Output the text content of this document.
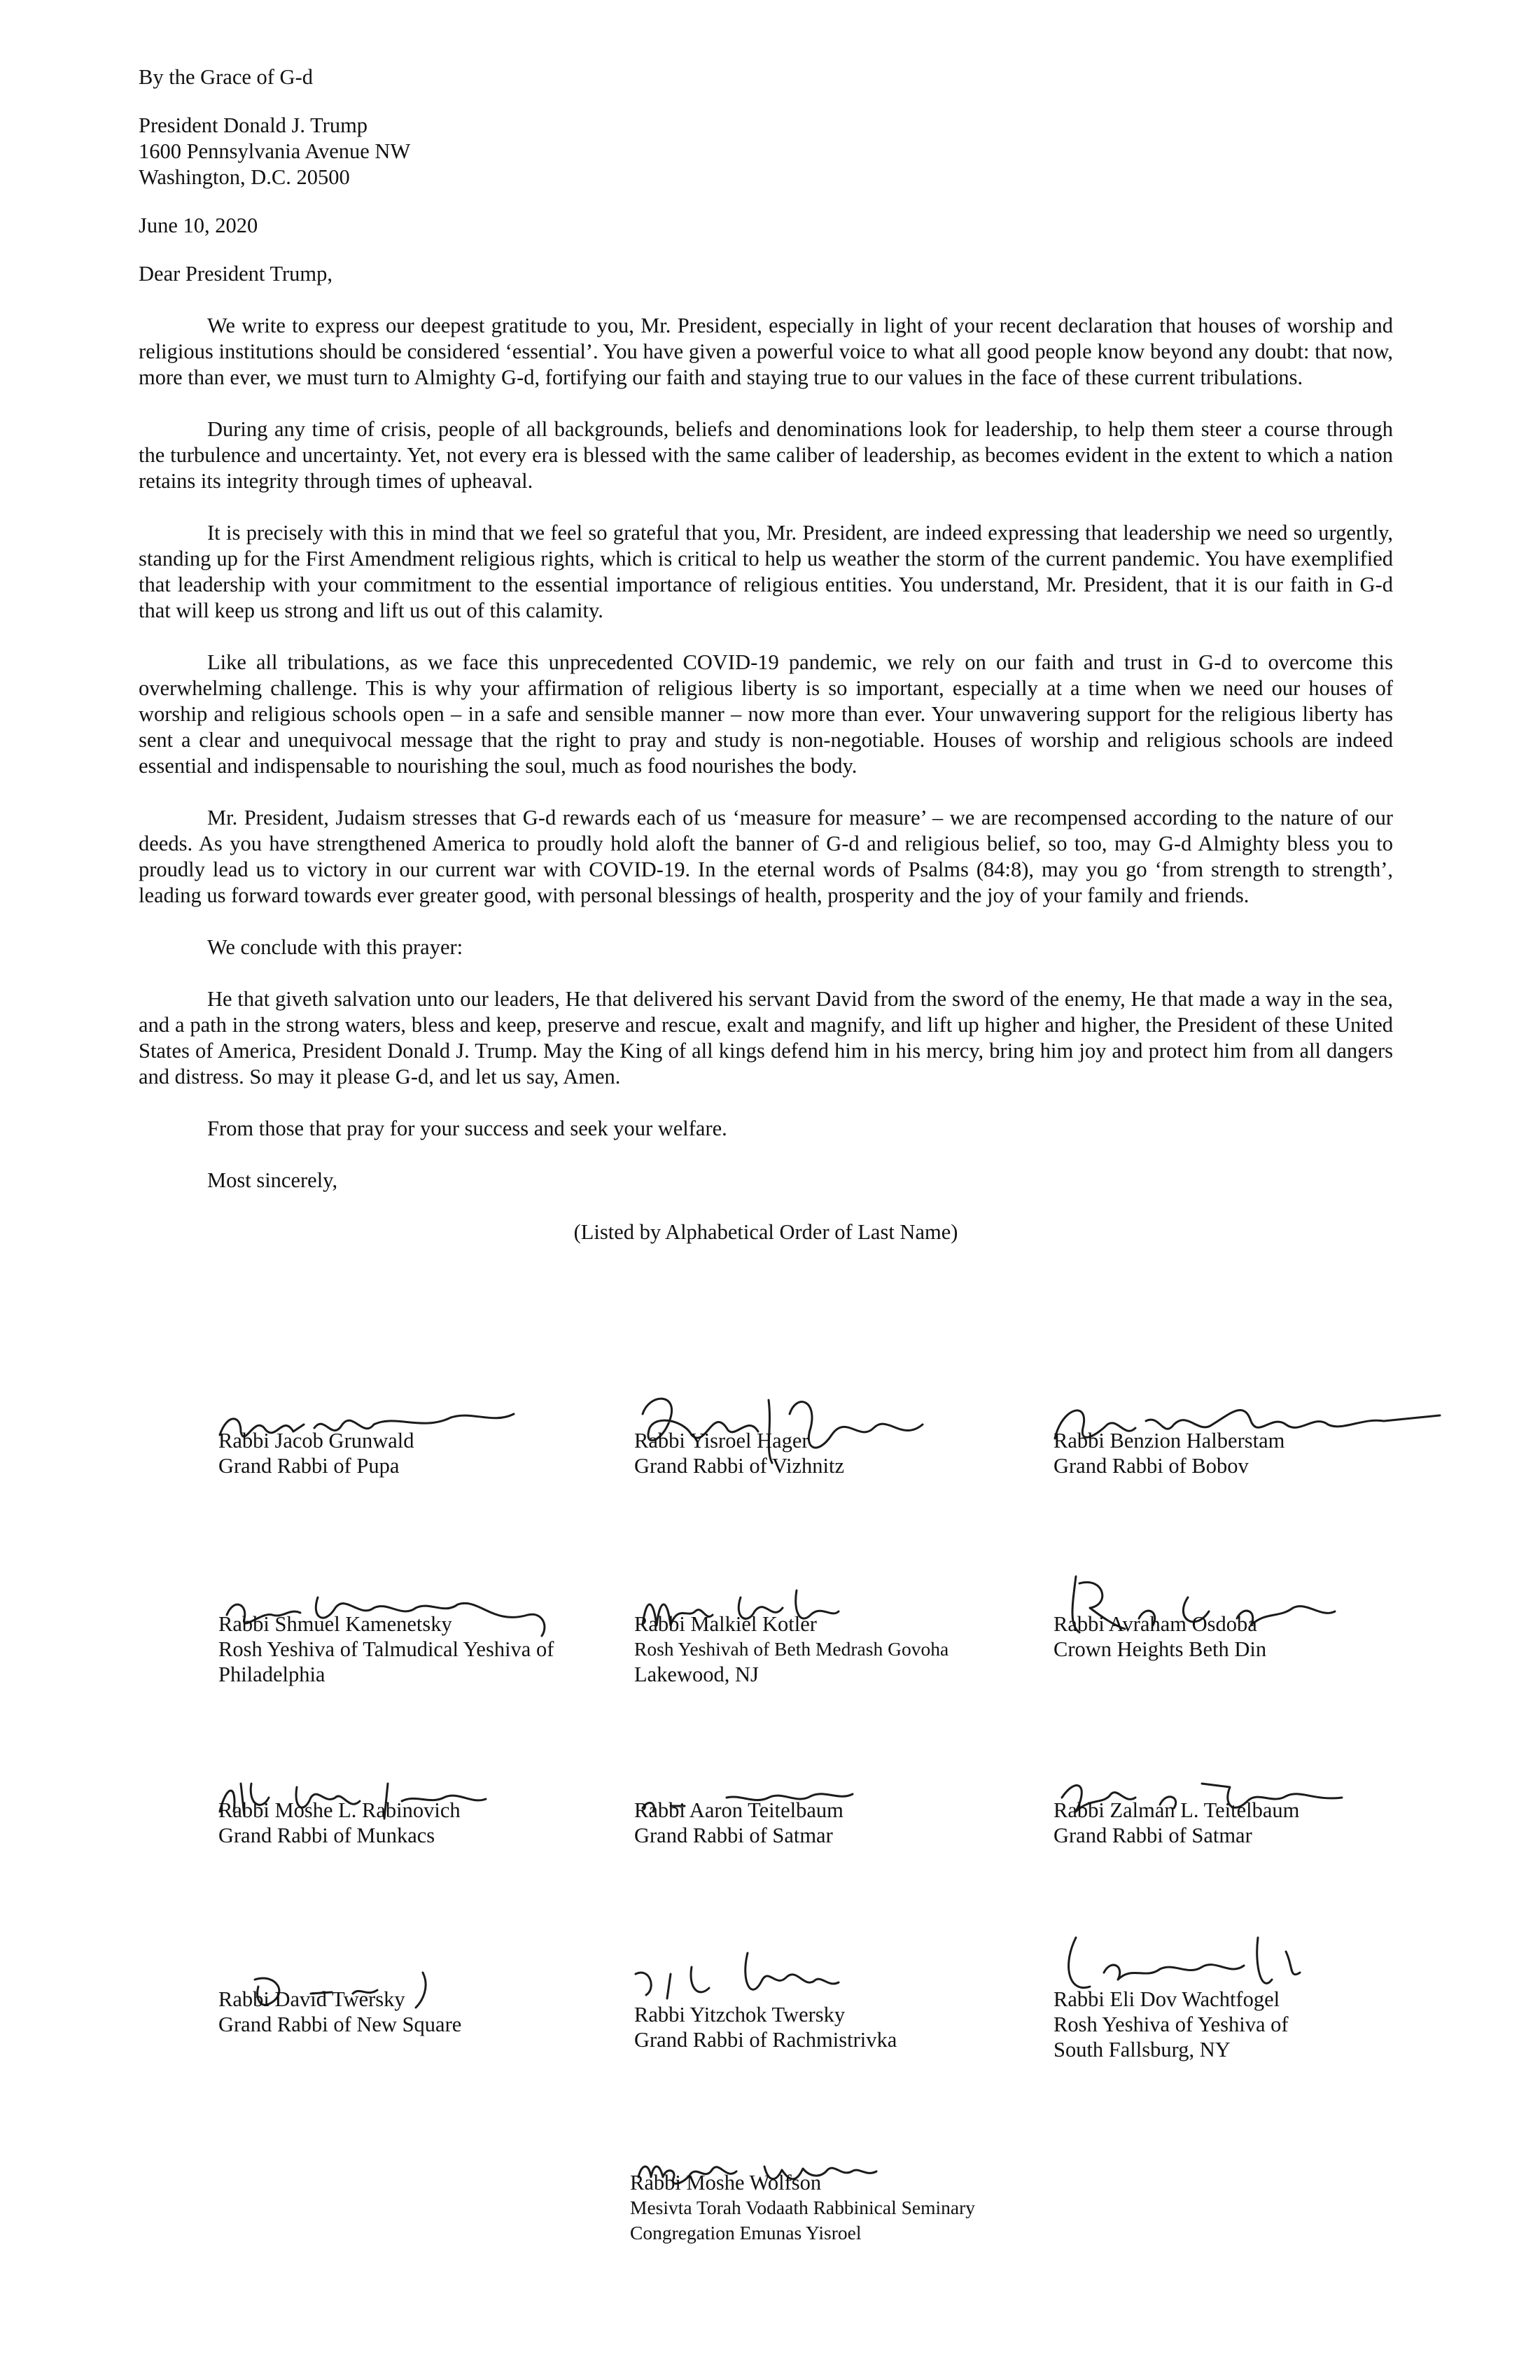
By the Grace of G-d
President Donald J. Trump
1600 Pennsylvania Avenue NW
Washington, D.C. 20500
June 10, 2020
Dear President Trump,

We write to express our deepest gratitude to you, Mr. President, especially in light of your recent declaration that houses of worship and religious institutions should be considered ‘essential’. You have given a powerful voice to what all good people know beyond any doubt: that now, more than ever, we must turn to Almighty G-d, fortifying our faith and staying true to our values in the face of these current tribulations.

During any time of crisis, people of all backgrounds, beliefs and denominations look for leadership, to help them steer a course through the turbulence and uncertainty. Yet, not every era is blessed with the same caliber of leadership, as becomes evident in the extent to which a nation retains its integrity through times of upheaval.

It is precisely with this in mind that we feel so grateful that you, Mr. President, are indeed expressing that leadership we need so urgently, standing up for the First Amendment religious rights, which is critical to help us weather the storm of the current pandemic. You have exemplified that leadership with your commitment to the essential importance of religious entities. You understand, Mr. President, that it is our faith in G-d that will keep us strong and lift us out of this calamity.

Like all tribulations, as we face this unprecedented COVID-19 pandemic, we rely on our faith and trust in G-d to overcome this overwhelming challenge. This is why your affirmation of religious liberty is so important, especially at a time when we need our houses of worship and religious schools open – in a safe and sensible manner – now more than ever. Your unwavering support for the religious liberty has sent a clear and unequivocal message that the right to pray and study is non-negotiable. Houses of worship and religious schools are indeed essential and indispensable to nourishing the soul, much as food nourishes the body.

Mr. President, Judaism stresses that G-d rewards each of us ‘measure for measure’ – we are recompensed according to the nature of our deeds. As you have strengthened America to proudly hold aloft the banner of G-d and religious belief, so too, may G-d Almighty bless you to proudly lead us to victory in our current war with COVID-19. In the eternal words of Psalms (84:8), may you go ‘from strength to strength’, leading us forward towards ever greater good, with personal blessings of health, prosperity and the joy of your family and friends.

We conclude with this prayer:

He that giveth salvation unto our leaders, He that delivered his servant David from the sword of the enemy, He that made a way in the sea, and a path in the strong waters, bless and keep, preserve and rescue, exalt and magnify, and lift up higher and higher, the President of these United States of America, President Donald J. Trump. May the King of all kings defend him in his mercy, bring him joy and protect him from all dangers and distress. So may it please G-d, and let us say, Amen.

From those that pray for your success and seek your welfare.
Most sincerely,
(Listed by Alphabetical Order of Last Name)
Rabbi Jacob Grunwald
Grand Rabbi of Pupa
Rabbi Yisroel Hager
Grand Rabbi of Vizhnitz
Rabbi Benzion Halberstam
Grand Rabbi of Bobov
Rabbi Shmuel Kamenetsky
Rosh Yeshiva of Talmudical Yeshiva of
Philadelphia
Rabbi Malkiel Kotler
Rosh Yeshivah of Beth Medrash Govoha
Lakewood, NJ
Rabbi Avraham Osdoba
Crown Heights Beth Din
Rabbi Moshe L. Rabinovich
Grand Rabbi of Munkacs
Rabbi Aaron Teitelbaum
Grand Rabbi of Satmar
Rabbi Zalman L. Teitelbaum
Grand Rabbi of Satmar
Rabbi David Twersky
Grand Rabbi of New Square	Rabbi Yitzchok Twersky
Grand Rabbi of Rachmistrivka
Rabbi Eli Dov Wachtfogel
Rosh Yeshiva of Yeshiva of
South Fallsburg, NY
Rabbi Moshe Wolfson
Mesivta Torah Vodaath Rabbinical Seminary
Congregation Emunas Yisroel
